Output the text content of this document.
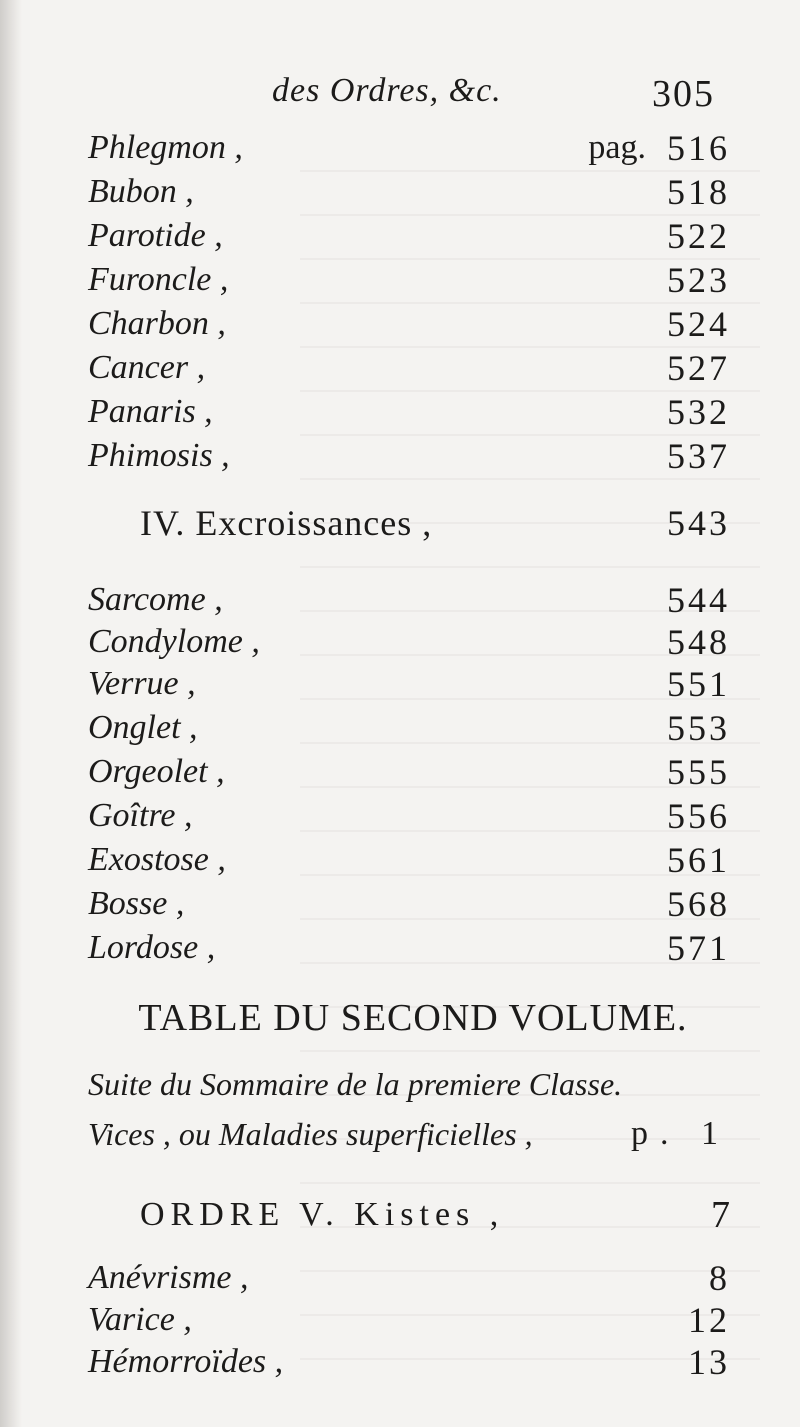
des Ordres, &c.	305
Phlegmon ,	pag. 516
Bubon ,	518
Parotide ,	522
Furoncle ,	523
Charbon ,	524
Cancer ,	527
Panaris ,	532
Phimosis ,	537
IV. Excroissances ,	543
Sarcome ,	544
Condylome ,	548
Verrue ,	551
Onglet ,	553
Orgeolet ,	555
Goître ,	556
Exostose ,	561
Bosse ,	568
Lordose ,	571
TABLE DU SECOND VOLUME.
Suite du Sommaire de la premiere Classe.
Vices , ou Maladies superficielles ,	p. 1
ORDRE V. Kistes ,	7
Anévrisme ,	8
Varice ,	12
Hémorroïdes ,	13
